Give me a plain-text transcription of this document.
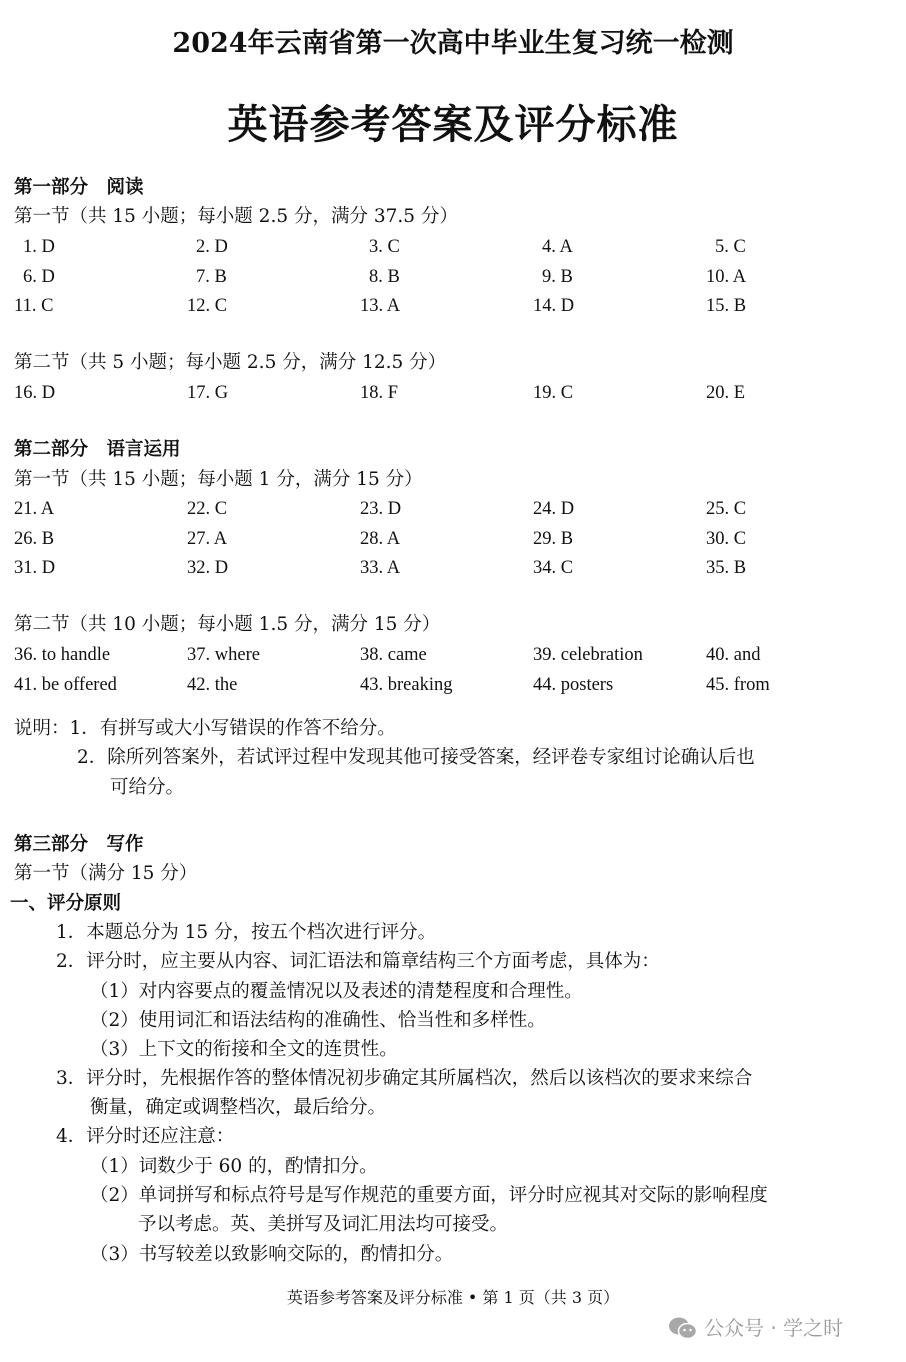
2024年云南省第一次高中毕业生复习统一检测
英语参考答案及评分标准
第一部分　阅读
第一节（共 15 小题；每小题 2.5 分，满分 37.5 分）
1. D	2. D	3. C	4. A	5. C
6. D	7. B	8. B	9. B	10. A
11. C	12. C	13. A	14. D	15. B
第二节（共 5 小题；每小题 2.5 分，满分 12.5 分）
16. D	17. G	18. F	19. C	20. E
第二部分　语言运用
第一节（共 15 小题；每小题 1 分，满分 15 分）
21. A	22. C	23. D	24. D	25. C
26. B	27. A	28. A	29. B	30. C
31. D	32. D	33. A	34. C	35. B
第二节（共 10 小题；每小题 1.5 分，满分 15 分）
36. to handle	37. where	38. came	39. celebration	40. and
41. be offered	42. the	43. breaking	44. posters	45. from
说明：1．有拼写或大小写错误的作答不给分。
2．除所列答案外，若试评过程中发现其他可接受答案，经评卷专家组讨论确认后也
可给分。
第三部分　写作
第一节（满分 15 分）
一、评分原则
1．本题总分为 15 分，按五个档次进行评分。
2．评分时，应主要从内容、词汇语法和篇章结构三个方面考虑，具体为：
（1）对内容要点的覆盖情况以及表述的清楚程度和合理性。
（2）使用词汇和语法结构的准确性、恰当性和多样性。
（3）上下文的衔接和全文的连贯性。
3．评分时，先根据作答的整体情况初步确定其所属档次，然后以该档次的要求来综合
衡量，确定或调整档次，最后给分。
4．评分时还应注意：
（1）词数少于 60 的，酌情扣分。
（2）单词拼写和标点符号是写作规范的重要方面，评分时应视其对交际的影响程度
予以考虑。英、美拼写及词汇用法均可接受。
（3）书写较差以致影响交际的，酌情扣分。
英语参考答案及评分标准 • 第 1 页（共 3 页）
公众号 · 学之时
